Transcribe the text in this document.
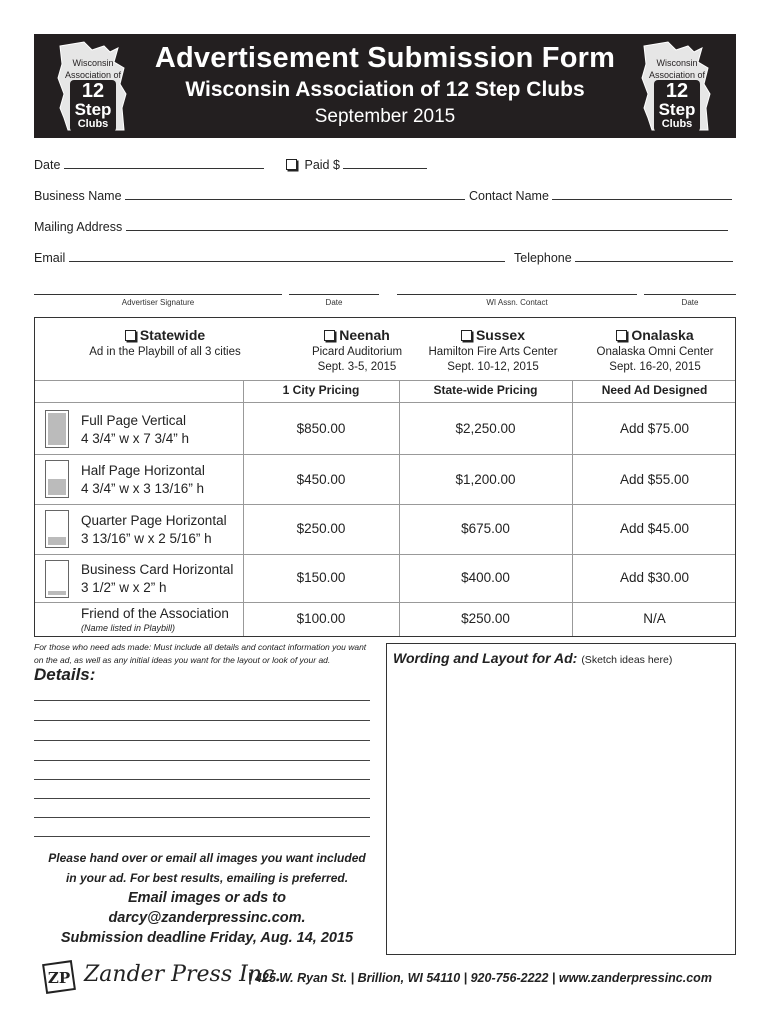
Wisconsin
Association of
12
Step
Clubs
Advertisement Submission Form
Wisconsin Association of 12 Step Clubs
September 2015
Wisconsin
Association of
12
Step
Clubs
Date	Paid $
Business Name	Contact Name
Mailing Address
Email	Telephone
Advertiser Signature	Date	WI Assn. Contact	Date
Statewide
Ad in the Playbill of all 3 cities
Neenah
Picard Auditorium
Sept. 3-5, 2015
Sussex
Hamilton Fire Arts Center
Sept. 10-12, 2015
Onalaska
Onalaska Omni Center
Sept. 16-20, 2015
1 City Pricing	State-wide Pricing	Need Ad Designed
Full Page Vertical
4 3/4” w x 7 3/4” h
$850.00	$2,250.00	Add $75.00
Half Page Horizontal
4 3/4” w x 3 13/16” h
$450.00	$1,200.00	Add $55.00
Quarter Page Horizontal
3 13/16” w x 2 5/16” h
$250.00	$675.00	Add $45.00
Business Card Horizontal
3 1/2” w x 2” h
$150.00	$400.00	Add $30.00
Friend of the Association
(Name listed in Playbill)
$100.00	$250.00	N/A
For those who need ads made: Must include all details and contact information you want on the ad, as well as any initial ideas you want for the layout or look of your ad.
Details:
Please hand over or email all images you want included
in your ad. For best results, emailing is preferred.
Email images or ads to
darcy@zanderpressinc.com.
Submission deadline Friday, Aug. 14, 2015
Wording and Layout for Ad: (Sketch ideas here)
ZP Zander Press Inc.
| 425 W. Ryan St. | Brillion, WI 54110 | 920-756-2222 | www.zanderpressinc.com
